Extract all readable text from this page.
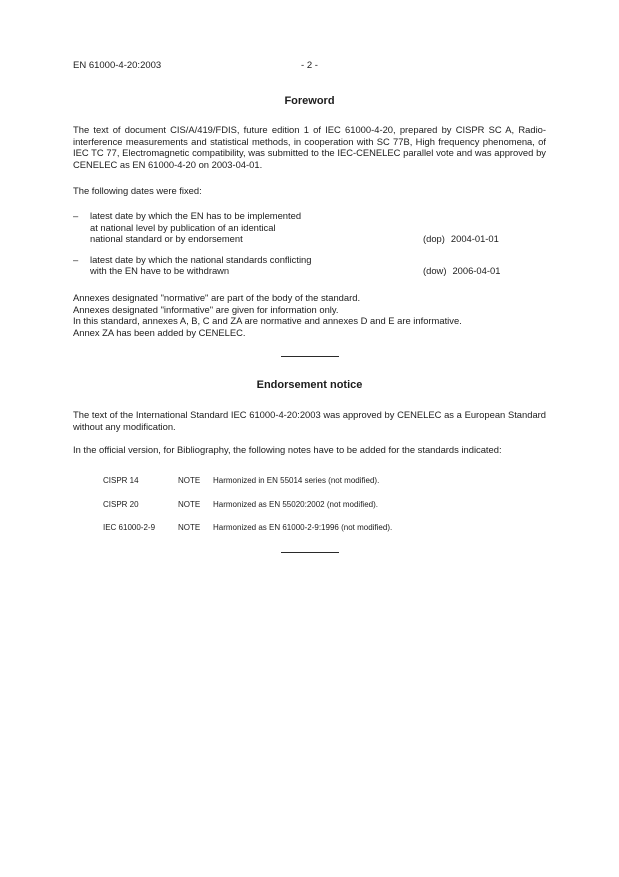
EN 61000-4-20:2003	- 2 -
Foreword

The text of document CIS/A/419/FDIS, future edition 1 of IEC 61000-4-20, prepared by CISPR SC A, Radio-interference measurements and statistical methods, in cooperation with SC 77B, High frequency phenomena, of IEC TC 77, Electromagnetic compatibility, was submitted to the IEC-CENELEC parallel vote and was approved by CENELEC as EN 61000-4-20 on 2003-04-01.

The following dates were fixed:

– latest date by which the EN has to be implemented
at national level by publication of an identical
national standard or by endorsement	(dop) 2004-01-01
– latest date by which the national standards conflicting
with the EN have to be withdrawn	(dow) 2006-04-01
Annexes designated "normative" are part of the body of the standard.
Annexes designated "informative" are given for information only.
In this standard, annexes A, B, C and ZA are normative and annexes D and E are informative.
Annex ZA has been added by CENELEC.
Endorsement notice

The text of the International Standard IEC 61000-4-20:2003 was approved by CENELEC as a European Standard without any modification.

In the official version, for Bibliography, the following notes have to be added for the standards indicated:

CISPR 14	NOTE	Harmonized in EN 55014 series (not modified).
CISPR 20	NOTE	Harmonized as EN 55020:2002 (not modified).
IEC 61000-2-9	NOTE	Harmonized as EN 61000-2-9:1996 (not modified).
